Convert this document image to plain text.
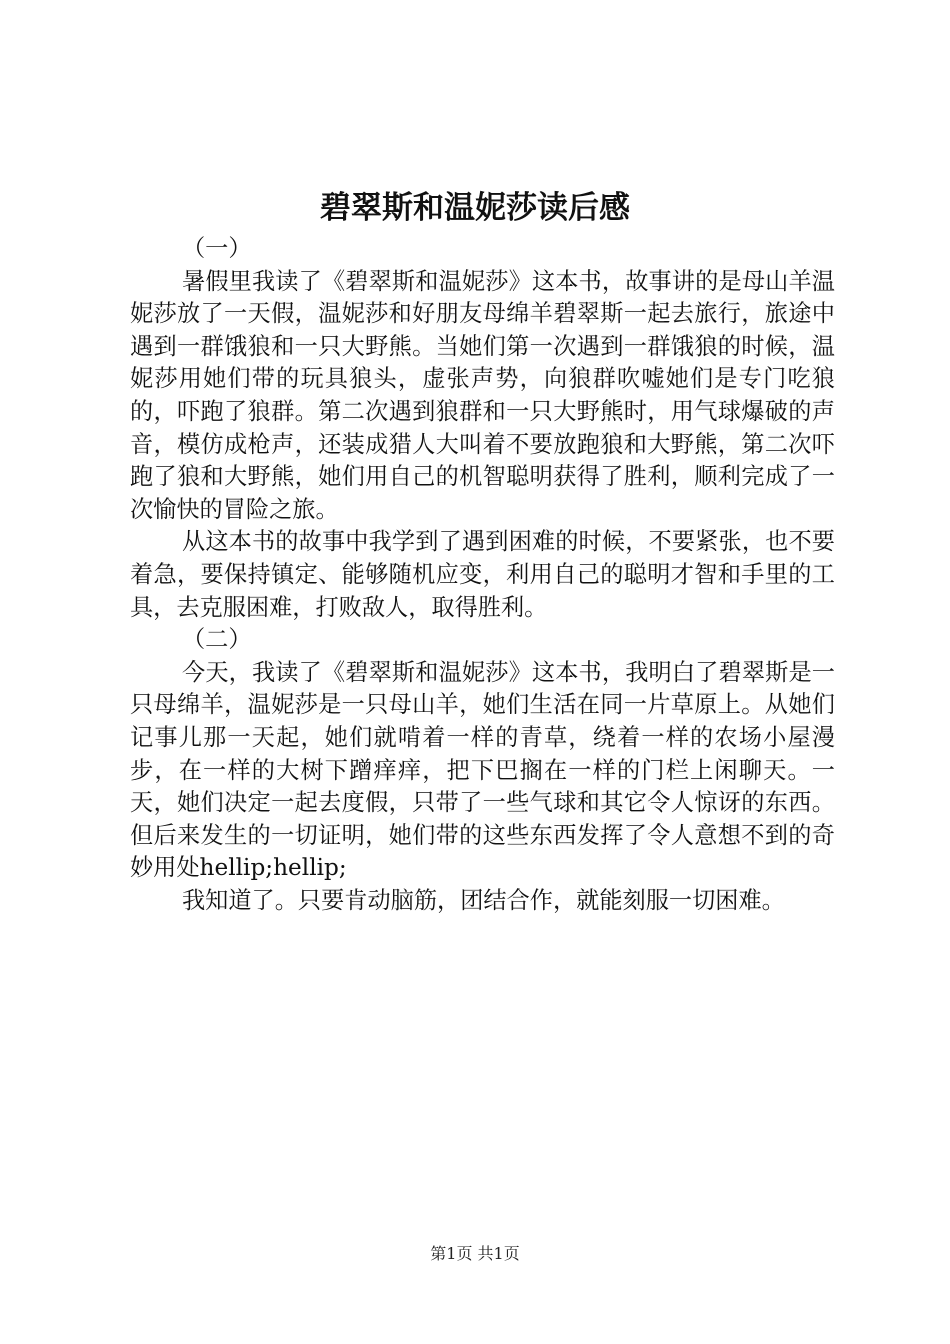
碧翠斯和温妮莎读后感

（一）

暑假里我读了《碧翠斯和温妮莎》这本书，故事讲的是母山羊温妮莎放了一天假，温妮莎和好朋友母绵羊碧翠斯一起去旅行，旅途中遇到一群饿狼和一只大野熊。当她们第一次遇到一群饿狼的时候，温妮莎用她们带的玩具狼头，虚张声势，向狼群吹嘘她们是专门吃狼的，吓跑了狼群。第二次遇到狼群和一只大野熊时，用气球爆破的声音，模仿成枪声，还装成猎人大叫着不要放跑狼和大野熊，第二次吓跑了狼和大野熊，她们用自己的机智聪明获得了胜利，顺利完成了一次愉快的冒险之旅。

从这本书的故事中我学到了遇到困难的时候，不要紧张，也不要着急，要保持镇定、能够随机应变，利用自己的聪明才智和手里的工具，去克服困难，打败敌人，取得胜利。

（二）

今天，我读了《碧翠斯和温妮莎》这本书，我明白了碧翠斯是一只母绵羊，温妮莎是一只母山羊，她们生活在同一片草原上。从她们记事儿那一天起，她们就啃着一样的青草，绕着一样的农场小屋漫步，在一样的大树下蹭痒痒，把下巴搁在一样的门栏上闲聊天。一天，她们决定一起去度假，只带了一些气球和其它令人惊讶的东西。但后来发生的一切证明，她们带的这些东西发挥了令人意想不到的奇妙用处hellip;hellip;

我知道了。只要肯动脑筋，团结合作，就能刻服一切困难。

第1页 共1页
